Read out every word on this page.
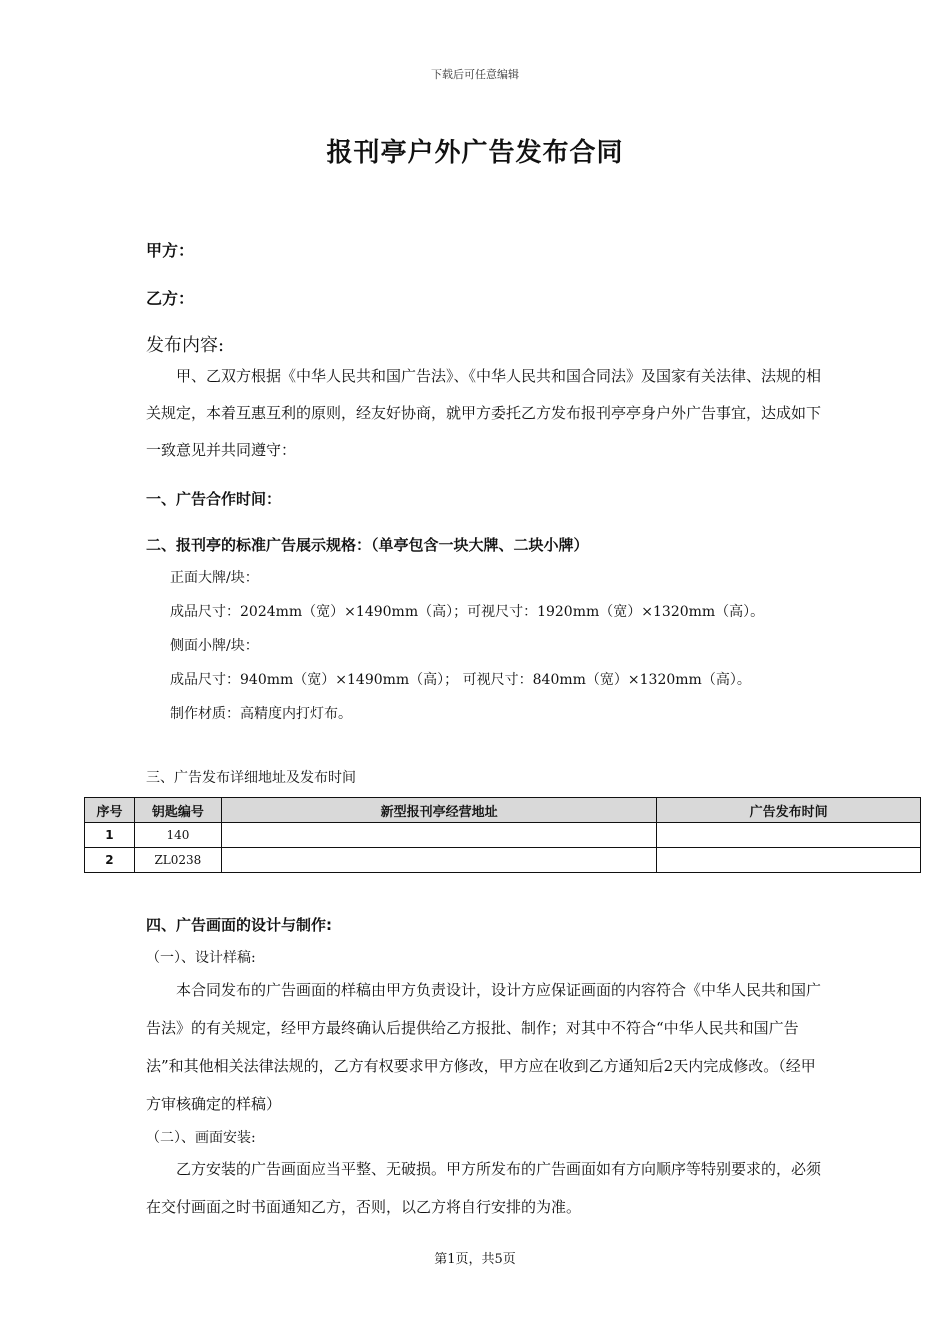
下载后可任意编辑
报刊亭户外广告发布合同
甲方：
乙方：
发布内容:
甲、乙双方根据《中华人民共和国广告法》、《中华人民共和国合同法》及国家有关法律、法规的相关规定，本着互惠互利的原则，经友好协商，就甲方委托乙方发布报刊亭亭身户外广告事宜，达成如下一致意见并共同遵守：
一、广告合作时间：
二、报刊亭的标准广告展示规格：（单亭包含一块大牌、二块小牌）
正面大牌/块：
成品尺寸：2024mm（宽）×1490mm（高）；可视尺寸：1920mm（宽）×1320mm（高）。
侧面小牌/块：
成品尺寸：940mm（宽）×1490mm（高）； 可视尺寸：840mm（宽）×1320mm（高）。
制作材质：高精度内打灯布。
三、广告发布详细地址及发布时间
序号	钥匙编号	新型报刊亭经营地址	广告发布时间
1	140		
2	ZL0238		
四、广告画面的设计与制作:
（一）、设计样稿:
本合同发布的广告画面的样稿由甲方负责设计，设计方应保证画面的内容符合《中华人民共和国广告法》的有关规定，经甲方最终确认后提供给乙方报批、制作；对其中不符合“中华人民共和国广告法”和其他相关法律法规的，乙方有权要求甲方修改，甲方应在收到乙方通知后2天内完成修改。（经甲方审核确定的样稿）
（二）、画面安装:
乙方安装的广告画面应当平整、无破损。甲方所发布的广告画面如有方向顺序等特别要求的，必须在交付画面之时书面通知乙方，否则，以乙方将自行安排的为准。
第1页，共5页
